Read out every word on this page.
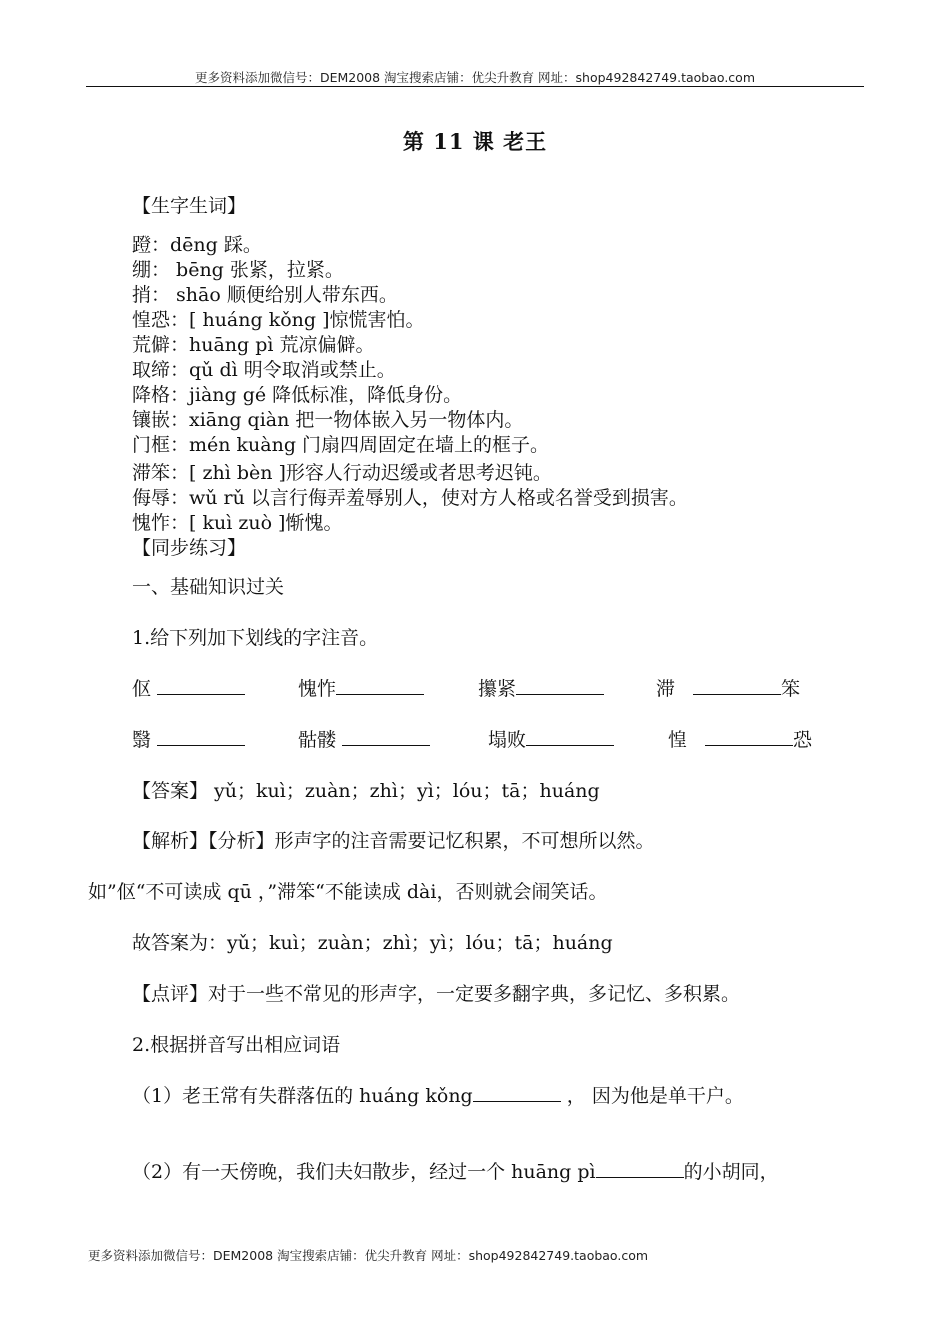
更多资料添加微信号：DEM2008 淘宝搜索店铺：优尖升教育 网址：shop492842749.taobao.com
第 11 课 老王
【生字生词】
蹬：dēng 踩。
绷： bēng 张紧，拉紧。
捎： shāo 顺便给别人带东西。
惶恐：[ huáng kǒng ]惊慌害怕。
荒僻：huāng pì 荒凉偏僻。
取缔：qǔ dì 明令取消或禁止。
降格：jiàng gé 降低标准，降低身份。
镶嵌：xiāng qiàn 把一物体嵌入另一物体内。
门框：mén kuàng 门扇四周固定在墙上的框子。
滞笨：[ zhì bèn ]形容人行动迟缓或者思考迟钝。
侮辱：wǔ rǔ 以言行侮弄羞辱别人，使对方人格或名誉受到损害。
愧怍：[ kuì zuò ]惭愧。
【同步练习】
一、基础知识过关
1.给下列加下划线的字注音。
伛	愧怍	攥紧	滞	笨
翳	骷髅	塌败	惶	恐
【答案】 yǔ；kuì；zuàn；zhì；yì；lóu；tā；huáng
【解析】【分析】形声字的注音需要记忆积累，不可想所以然。
如”伛“不可读成 qū ，”滞笨“不能读成 dài，否则就会闹笑话。
故答案为：yǔ；kuì；zuàn；zhì；yì；lóu；tā；huáng
【点评】对于一些不常见的形声字，一定要多翻字典，多记忆、多积累。
2.根据拼音写出相应词语
（1）老王常有失群落伍的 huáng kǒng	， 因为他是单干户。
（2）有一天傍晚，我们夫妇散步，经过一个 huāng pì	的小胡同，
更多资料添加微信号：DEM2008 淘宝搜索店铺：优尖升教育 网址：shop492842749.taobao.com
